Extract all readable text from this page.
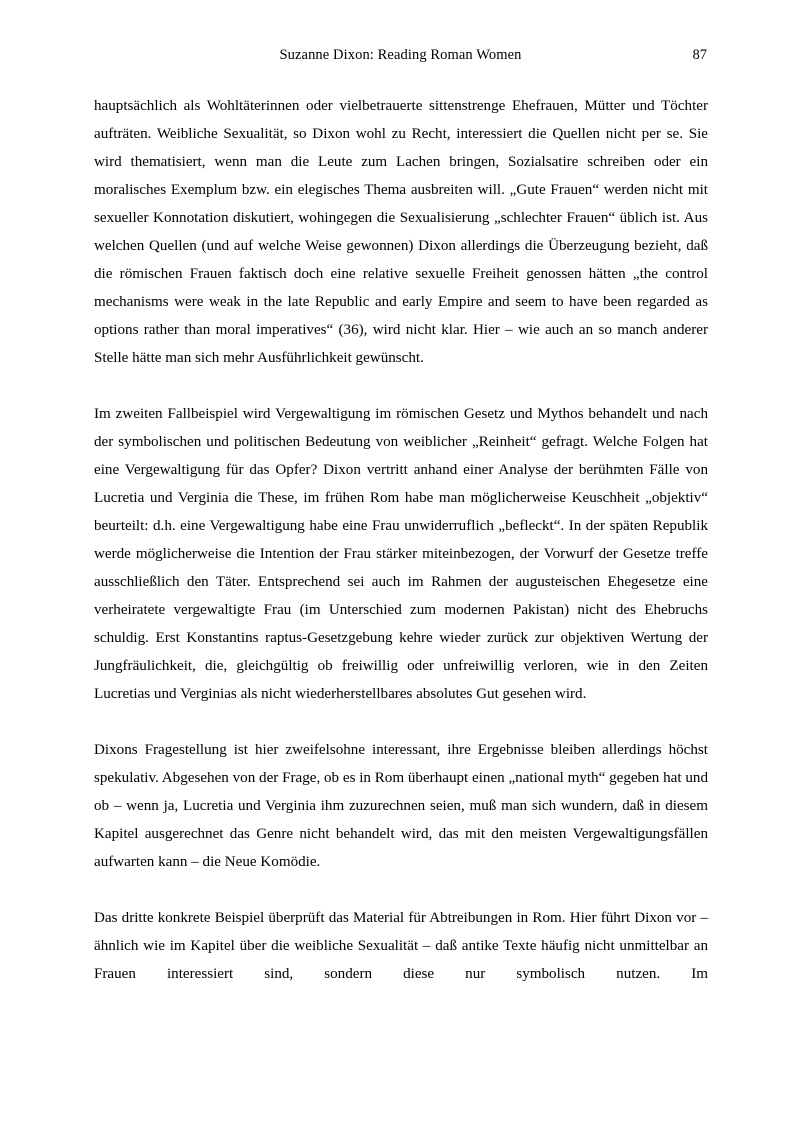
Suzanne Dixon: Reading Roman Women	87

hauptsächlich als Wohltäterinnen oder vielbetrauerte sittenstrenge Ehefrauen, Mütter und Töchter aufträten. Weibliche Sexualität, so Dixon wohl zu Recht, interessiert die Quellen nicht per se. Sie wird thematisiert, wenn man die Leute zum Lachen bringen, Sozialsatire schreiben oder ein moralisches Exemplum bzw. ein elegisches Thema ausbreiten will. „Gute Frauen“ werden nicht mit sexueller Konnotation diskutiert, wohingegen die Sexualisierung „schlechter Frauen“ üblich ist. Aus welchen Quellen (und auf welche Weise gewonnen) Dixon allerdings die Überzeugung bezieht, daß die römischen Frauen faktisch doch eine relative sexuelle Freiheit genossen hätten „the control mechanisms were weak in the late Republic and early Empire and seem to have been regarded as options rather than moral imperatives“ (36), wird nicht klar. Hier – wie auch an so manch anderer Stelle hätte man sich mehr Ausführlichkeit gewünscht.

Im zweiten Fallbeispiel wird Vergewaltigung im römischen Gesetz und Mythos behandelt und nach der symbolischen und politischen Bedeutung von weiblicher „Reinheit“ gefragt. Welche Folgen hat eine Vergewaltigung für das Opfer? Dixon vertritt anhand einer Analyse der berühmten Fälle von Lucretia und Verginia die These, im frühen Rom habe man möglicherweise Keuschheit „objektiv“ beurteilt: d.h. eine Vergewaltigung habe eine Frau unwiderruflich „befleckt“. In der späten Republik werde möglicherweise die Intention der Frau stärker miteinbezogen, der Vorwurf der Gesetze treffe ausschließlich den Täter. Entsprechend sei auch im Rahmen der augusteischen Ehegesetze eine verheiratete vergewaltigte Frau (im Unterschied zum modernen Pakistan) nicht des Ehebruchs schuldig. Erst Konstantins raptus-Gesetzgebung kehre wieder zurück zur objektiven Wertung der Jungfräulichkeit, die, gleichgültig ob freiwillig oder unfreiwillig verloren, wie in den Zeiten Lucretias und Verginias als nicht wiederherstellbares absolutes Gut gesehen wird.

Dixons Fragestellung ist hier zweifelsohne interessant, ihre Ergebnisse bleiben allerdings höchst spekulativ. Abgesehen von der Frage, ob es in Rom überhaupt einen „national myth“ gegeben hat und ob – wenn ja, Lucretia und Verginia ihm zuzurechnen seien, muß man sich wundern, daß in diesem Kapitel ausgerechnet das Genre nicht behandelt wird, das mit den meisten Vergewaltigungsfällen aufwarten kann – die Neue Komödie.

Das dritte konkrete Beispiel überprüft das Material für Abtreibungen in Rom. Hier führt Dixon vor – ähnlich wie im Kapitel über die weibliche Sexualität – daß antike Texte häufig nicht unmittelbar an Frauen interessiert sind, sondern diese nur symbolisch nutzen. Im
